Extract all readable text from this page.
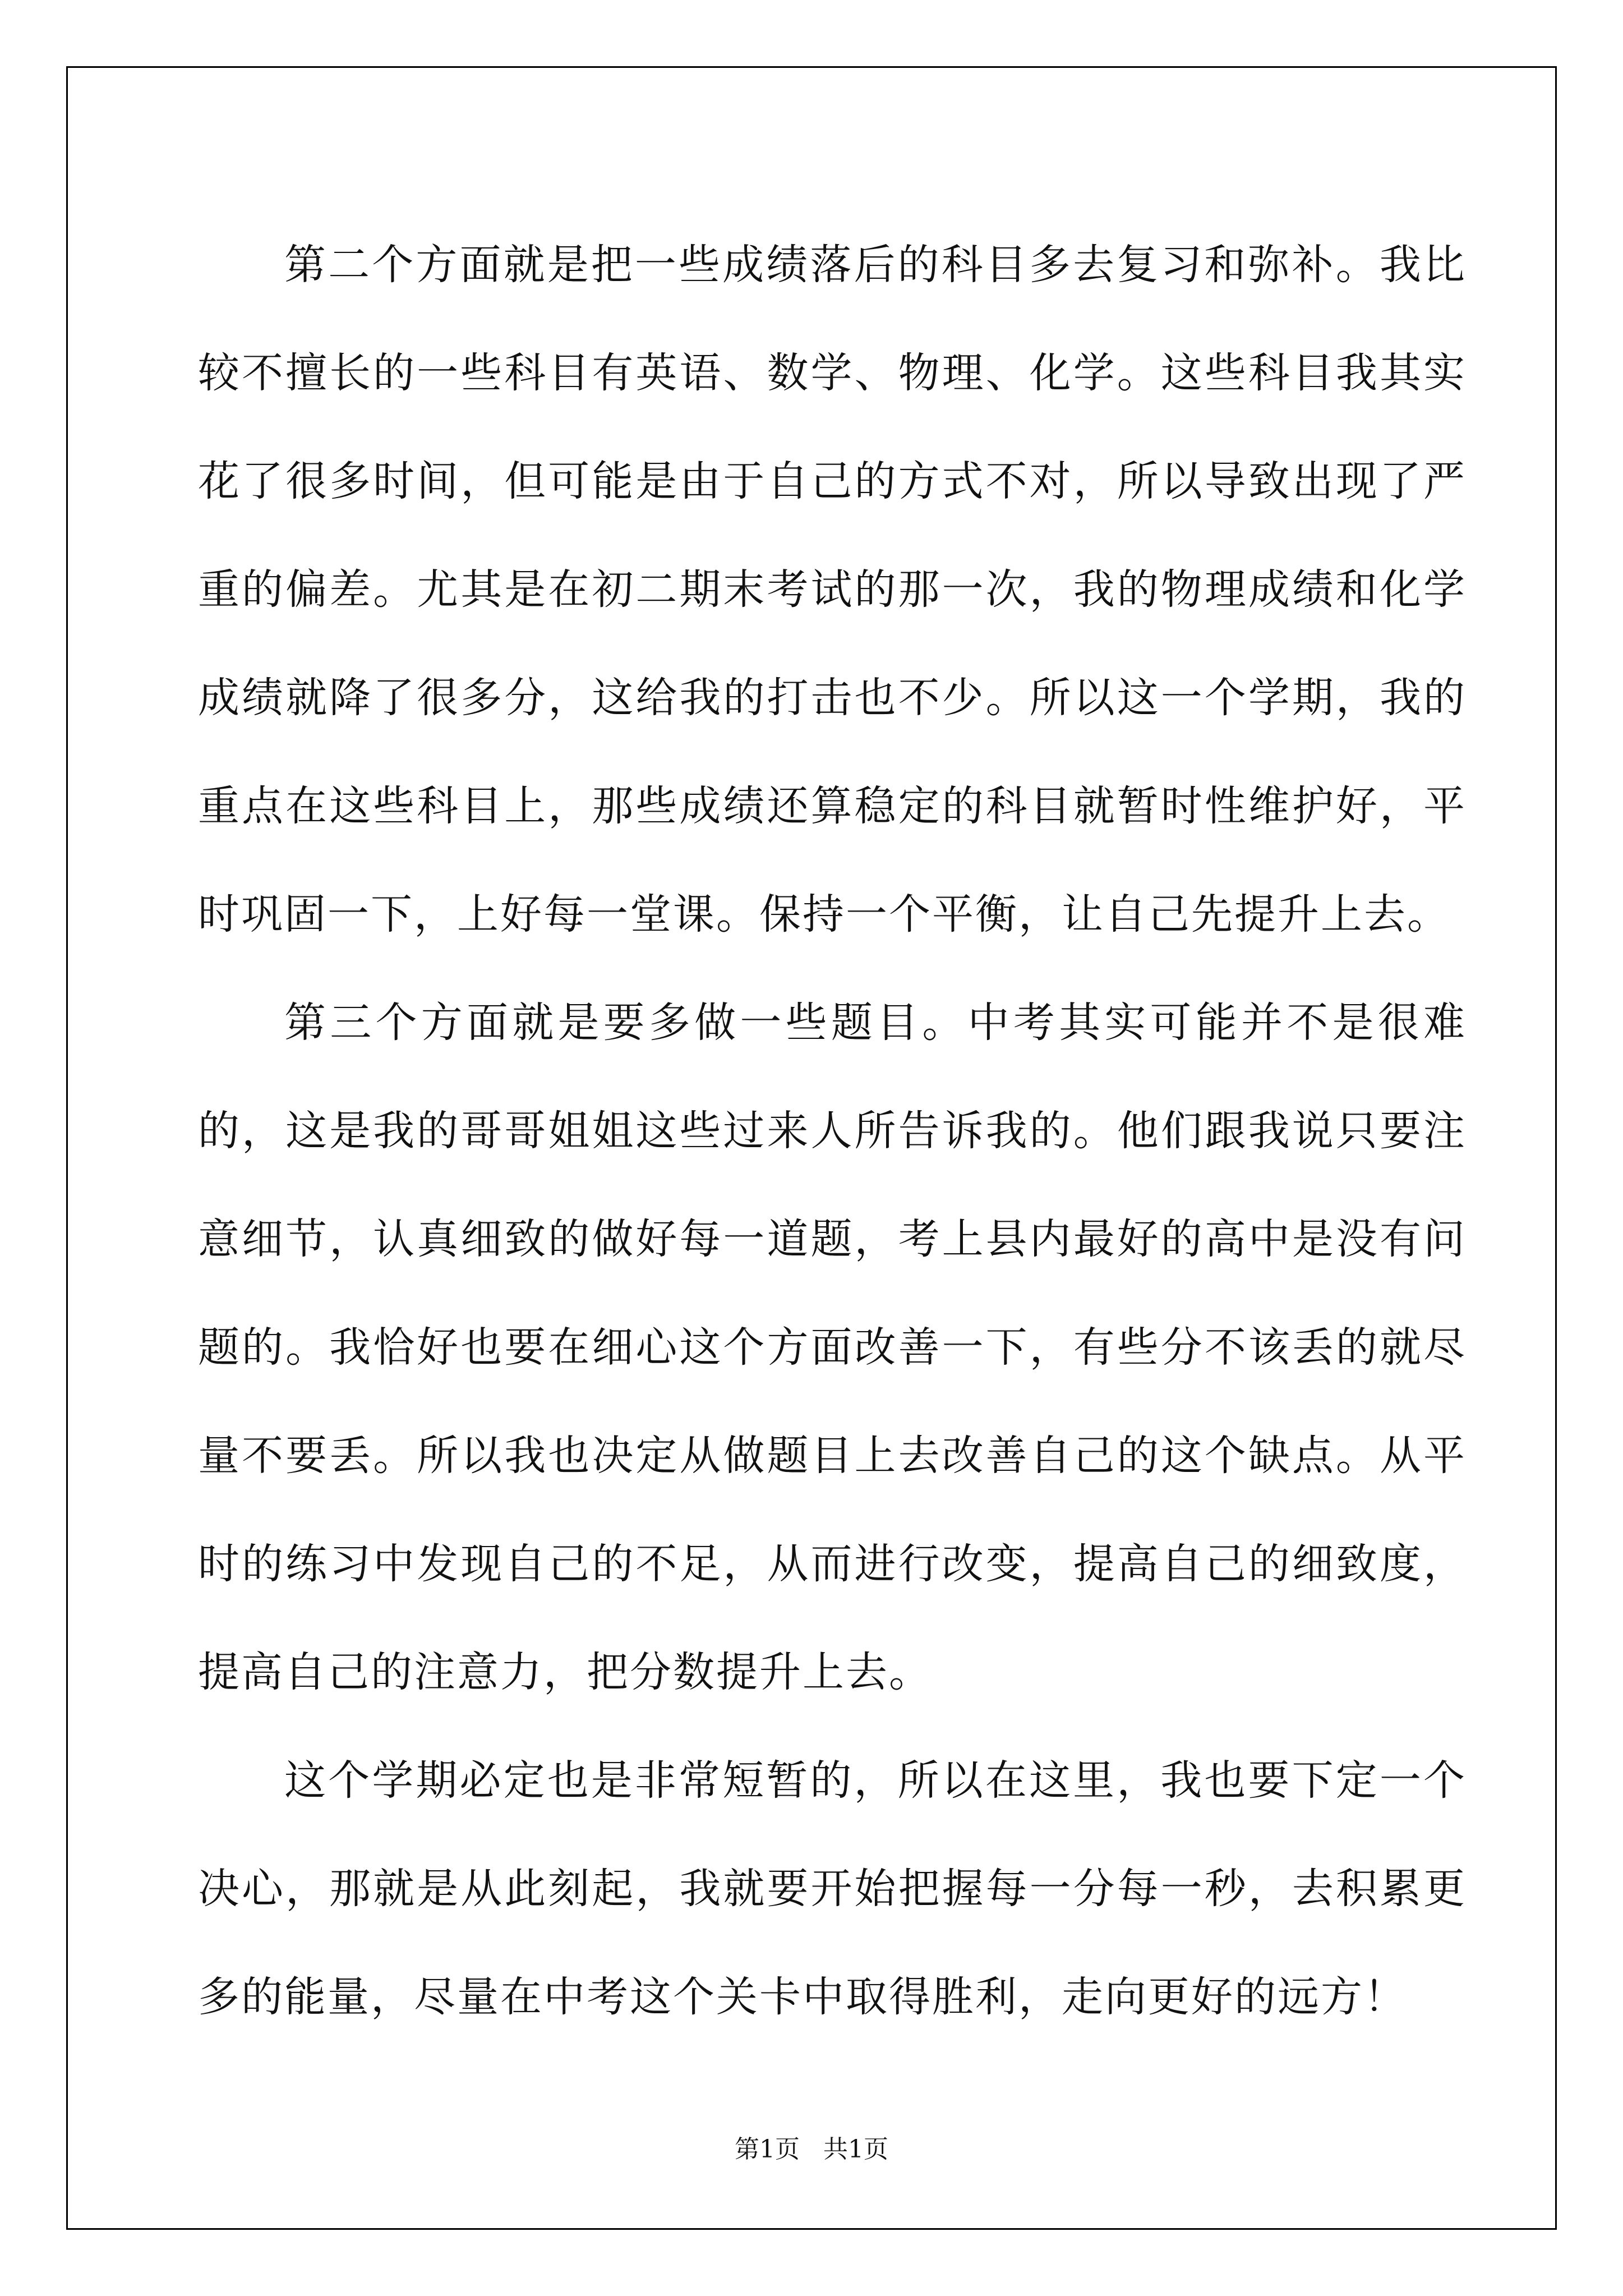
第二个方面就是把一些成绩落后的科目多去复习和弥补。我比较不擅长的一些科目有英语、数学、物理、化学。这些科目我其实花了很多时间，但可能是由于自己的方式不对，所以导致出现了严重的偏差。尤其是在初二期末考试的那一次，我的物理成绩和化学成绩就降了很多分，这给我的打击也不少。所以这一个学期，我的重点在这些科目上，那些成绩还算稳定的科目就暂时性维护好，平时巩固一下，上好每一堂课。保持一个平衡，让自己先提升上去。

第三个方面就是要多做一些题目。中考其实可能并不是很难的，这是我的哥哥姐姐这些过来人所告诉我的。他们跟我说只要注意细节，认真细致的做好每一道题，考上县内最好的高中是没有问题的。我恰好也要在细心这个方面改善一下，有些分不该丢的就尽量不要丢。所以我也决定从做题目上去改善自己的这个缺点。从平时的练习中发现自己的不足，从而进行改变，提高自己的细致度，提高自己的注意力，把分数提升上去。

这个学期必定也是非常短暂的，所以在这里，我也要下定一个决心，那就是从此刻起，我就要开始把握每一分每一秒，去积累更多的能量，尽量在中考这个关卡中取得胜利，走向更好的远方！

第1页   共1页
